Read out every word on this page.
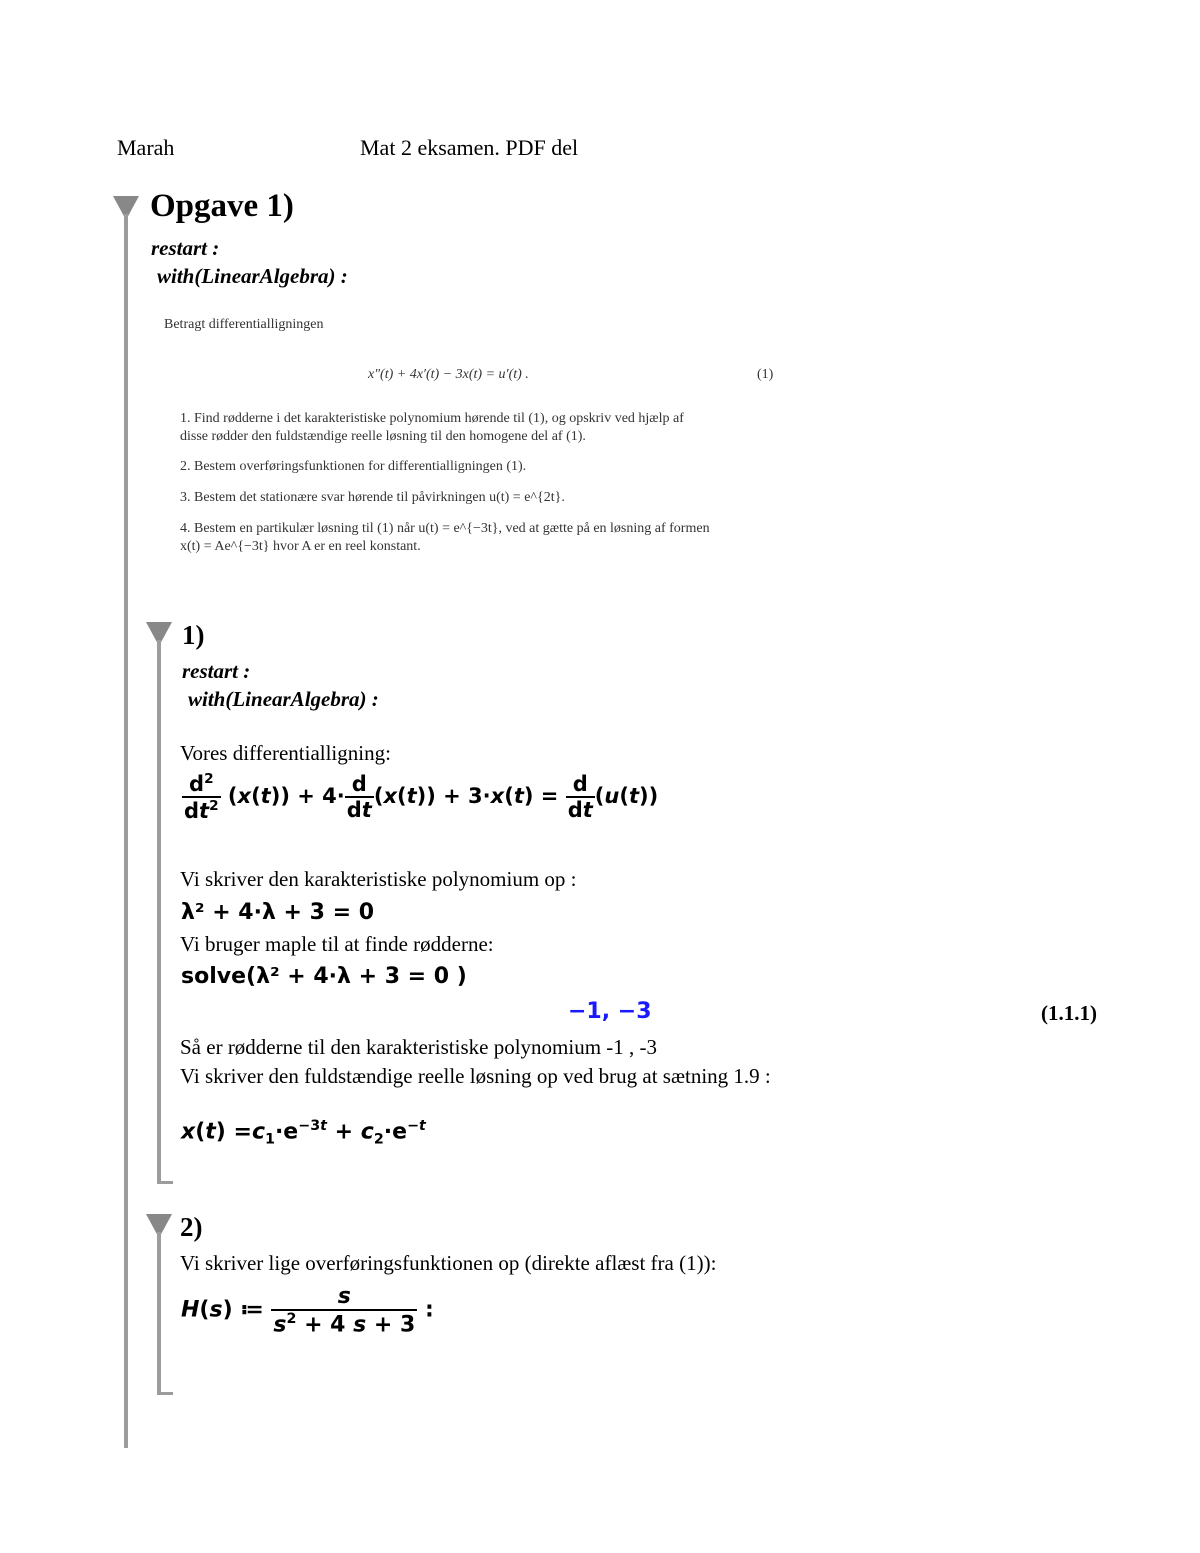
Marah	Mat 2 eksamen. PDF del
Opgave 1)
restart :
with(LinearAlgebra) :
Betragt differentialligningen
x″(t) + 4x′(t) − 3x(t) = u′(t) .	(1)
1. Find rødderne i det karakteristiske polynomium hørende til (1), og opskriv ved hjælp af
disse rødder den fuldstændige reelle løsning til den homogene del af (1).
2. Bestem overføringsfunktionen for differentialligningen (1).
3. Bestem det stationære svar hørende til påvirkningen u(t) = e^{2t}.
4. Bestem en partikulær løsning til (1) når u(t) = e^{−3t}, ved at gætte på en løsning af formen
x(t) = Ae^{−3t} hvor A er en reel konstant.
1)
restart :
with(LinearAlgebra) :
Vores differentialligning:
$\frac{d^2}{dt^2} (x(t)) + 4\cdot \frac{d}{dt} (x(t)) + 3\cdot x(t) = \frac{d}{dt} (u(t))$
Vi skriver den karakteristiske polynomium op :
λ² + 4·λ + 3 = 0
Vi bruger maple til at finde rødderne:
solve(λ² + 4·λ + 3 = 0 )
−1, −3	(1.1.1)
Så er rødderne til den karakteristiske polynomium -1 , -3
Vi skriver den fuldstændige reelle løsning op ved brug at sætning 1.9 :
$x(t) =c_1\cdot e^{-3t} + c_2\cdot e^{-t}$
2)
Vi skriver lige overføringsfunktionen op (direkte aflæst fra (1)):
H(s) ≔ $\frac{s}{s^2 + 4 s + 3}$ :
